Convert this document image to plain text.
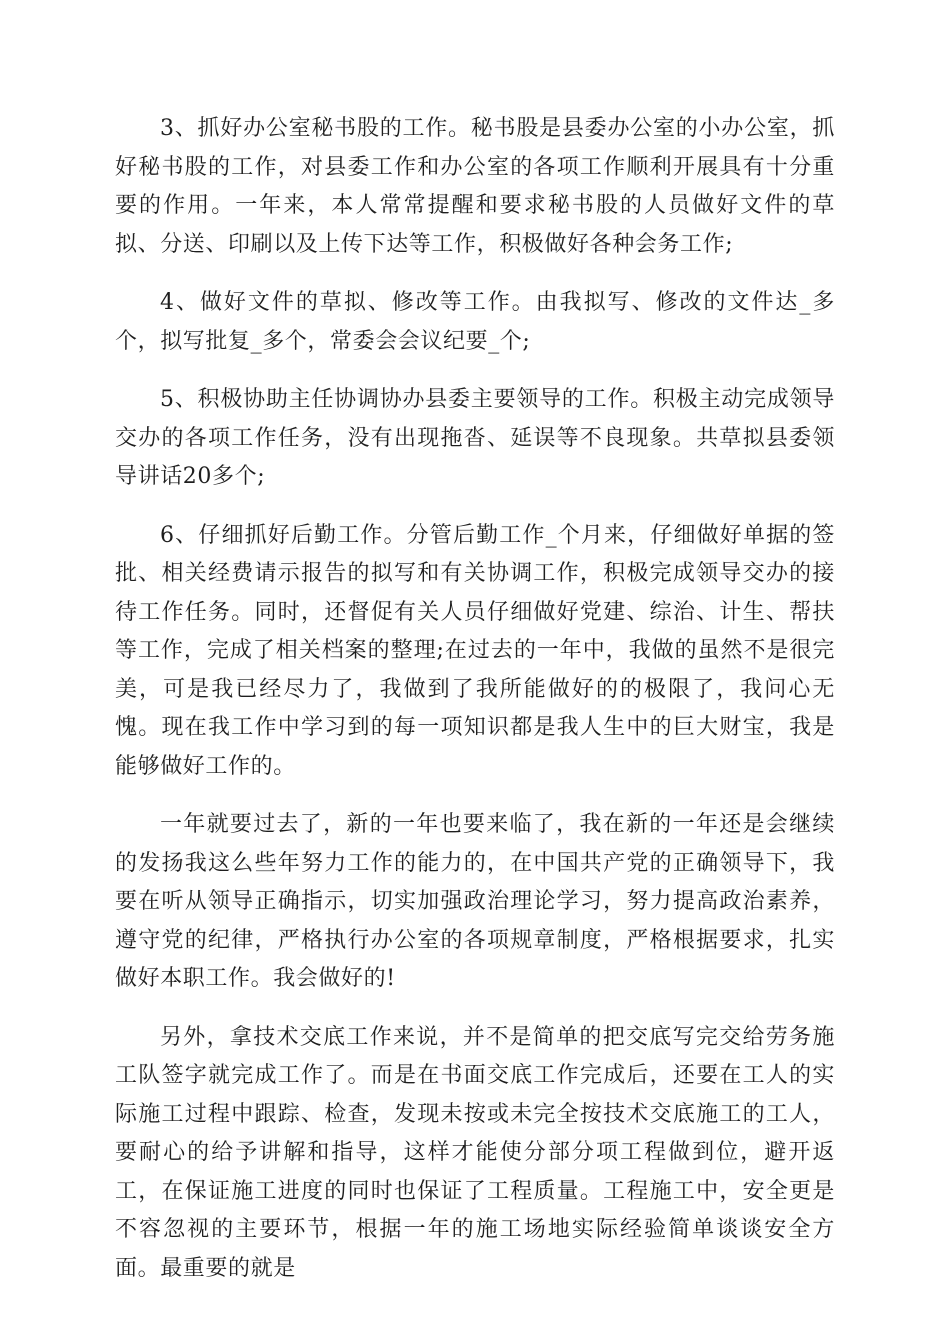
3、抓好办公室秘书股的工作。秘书股是县委办公室的小办公室，抓好秘书股的工作，对县委工作和办公室的各项工作顺利开展具有十分重要的作用。一年来，本人常常提醒和要求秘书股的人员做好文件的草拟、分送、印刷以及上传下达等工作，积极做好各种会务工作;

4、做好文件的草拟、修改等工作。由我拟写、修改的文件达_多个，拟写批复_多个，常委会会议纪要_个;

5、积极协助主任协调协办县委主要领导的工作。积极主动完成领导交办的各项工作任务，没有出现拖沓、延误等不良现象。共草拟县委领导讲话20多个;

6、仔细抓好后勤工作。分管后勤工作_个月来，仔细做好单据的签批、相关经费请示报告的拟写和有关协调工作，积极完成领导交办的接待工作任务。同时，还督促有关人员仔细做好党建、综治、计生、帮扶等工作，完成了相关档案的整理;在过去的一年中，我做的虽然不是很完美，可是我已经尽力了，我做到了我所能做好的的极限了，我问心无愧。现在我工作中学习到的每一项知识都是我人生中的巨大财宝，我是能够做好工作的。

一年就要过去了，新的一年也要来临了，我在新的一年还是会继续的发扬我这么些年努力工作的能力的，在中国共产党的正确领导下，我要在听从领导正确指示，切实加强政治理论学习，努力提高政治素养，遵守党的纪律，严格执行办公室的各项规章制度，严格根据要求，扎实做好本职工作。我会做好的!

另外，拿技术交底工作来说，并不是简单的把交底写完交给劳务施工队签字就完成工作了。而是在书面交底工作完成后，还要在工人的实际施工过程中跟踪、检查，发现未按或未完全按技术交底施工的工人，要耐心的给予讲解和指导，这样才能使分部分项工程做到位，避开返工，在保证施工进度的同时也保证了工程质量。工程施工中，安全更是不容忽视的主要环节，根据一年的施工场地实际经验简单谈谈安全方面。最重要的就是
